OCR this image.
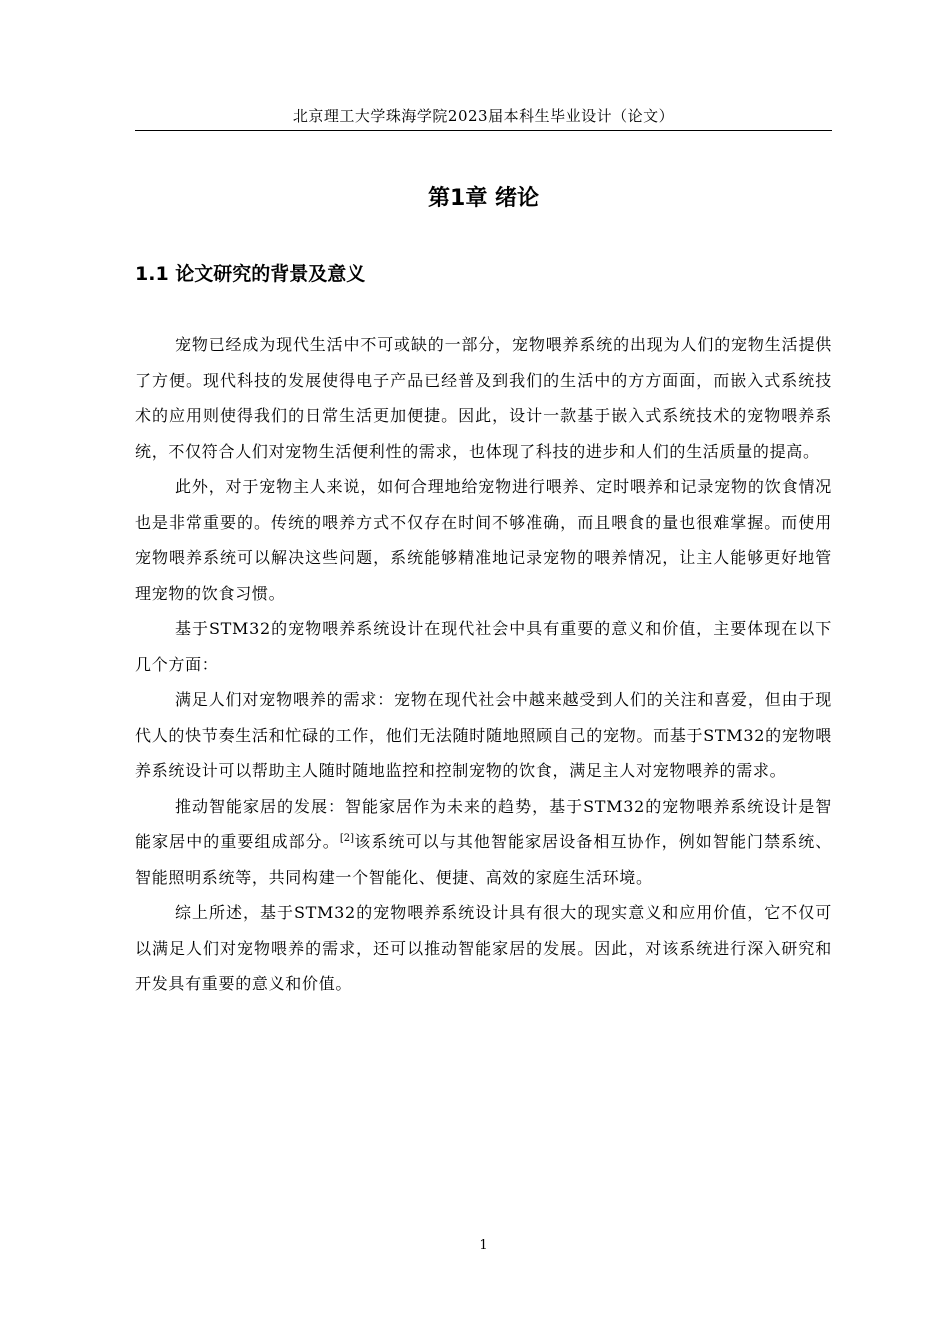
北京理工大学珠海学院2023届本科生毕业设计（论文）
第1章 绪论
1.1 论文研究的背景及意义

宠物已经成为现代生活中不可或缺的一部分，宠物喂养系统的出现为人们的宠物生活提供了方便。现代科技的发展使得电子产品已经普及到我们的生活中的方方面面，而嵌入式系统技术的应用则使得我们的日常生活更加便捷。因此，设计一款基于嵌入式系统技术的宠物喂养系统，不仅符合人们对宠物生活便利性的需求，也体现了科技的进步和人们的生活质量的提高。

此外，对于宠物主人来说，如何合理地给宠物进行喂养、定时喂养和记录宠物的饮食情况也是非常重要的。传统的喂养方式不仅存在时间不够准确，而且喂食的量也很难掌握。而使用宠物喂养系统可以解决这些问题，系统能够精准地记录宠物的喂养情况，让主人能够更好地管理宠物的饮食习惯。

基于STM32的宠物喂养系统设计在现代社会中具有重要的意义和价值，主要体现在以下几个方面：

满足人们对宠物喂养的需求：宠物在现代社会中越来越受到人们的关注和喜爱，但由于现代人的快节奏生活和忙碌的工作，他们无法随时随地照顾自己的宠物。而基于STM32的宠物喂养系统设计可以帮助主人随时随地监控和控制宠物的饮食，满足主人对宠物喂养的需求。

推动智能家居的发展：智能家居作为未来的趋势，基于STM32的宠物喂养系统设计是智能家居中的重要组成部分。[2]该系统可以与其他智能家居设备相互协作，例如智能门禁系统、智能照明系统等，共同构建一个智能化、便捷、高效的家庭生活环境。

综上所述，基于STM32的宠物喂养系统设计具有很大的现实意义和应用价值，它不仅可以满足人们对宠物喂养的需求，还可以推动智能家居的发展。因此，对该系统进行深入研究和开发具有重要的意义和价值。

1
